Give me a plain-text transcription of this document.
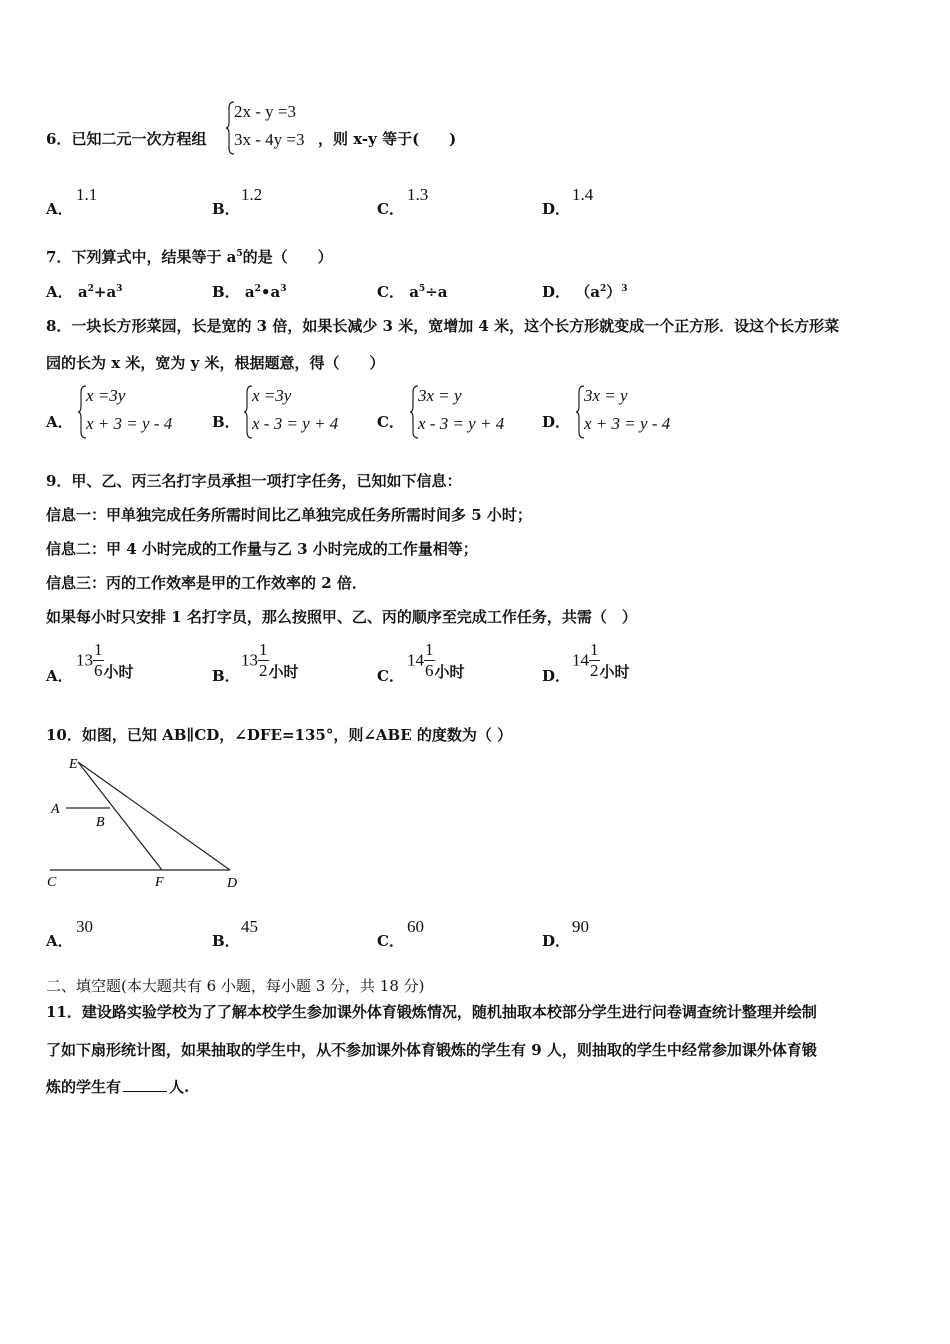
6．已知二元一次方程组
2x - y =3
3x - 4y =3 ，则 x-y 等于(　　)
A．
1.1
B．
1.2
C．
1.3
D．
1.4
7．下列算式中，结果等于 $a^5$的是（　　）
A． $a^2+a^3$	B． $a^2•a^3$	C． $a^5\div a$	D． $(a^2)^3$
8．一块长方形菜园，长是宽的 3 倍，如果长减少 3 米，宽增加 4 米，这个长方形就变成一个正方形．设这个长方形菜
园的长为 x 米，宽为 y 米，根据题意，得（　　）
A．
x =3y
x + 3 = y - 4	B．
x =3y
x - 3 = y + 4	C．
3x = y
x - 3 = y + 4	D．
3x = y
x + 3 = y - 4
9．甲、乙、丙三名打字员承担一项打字任务，已知如下信息：
信息一：甲单独完成任务所需时间比乙单独完成任务所需时间多 5 小时；
信息二：甲 4 小时完成的工作量与乙 3 小时完成的工作量相等；
信息三：丙的工作效率是甲的工作效率的 2 倍．
如果每小时只安排 1 名打字员，那么按照甲、乙、丙的顺序至完成工作任务，共需（　）
A．
$13 \frac{1}{6}$ 小时	B．
$13 \frac{1}{2}$ 小时	C．
$14 \frac{1}{6}$ 小时	D．
$14 \frac{1}{2}$ 小时
10．如图，已知 AB∥CD，∠DFE=135°，则∠ABE 的度数为（ ）
E
A
B
C	F	D
A．
30
B．
45
C．
60
D．
90
二、填空题(本大题共有 6 小题，每小题 3 分，共 18 分)
11．建设路实验学校为了了解本校学生参加课外体育锻炼情况，随机抽取本校部分学生进行问卷调查统计整理并绘制
了如下扇形统计图，如果抽取的学生中，从不参加课外体育锻炼的学生有 9 人，则抽取的学生中经常参加课外体育锻
炼的学生有	人.
